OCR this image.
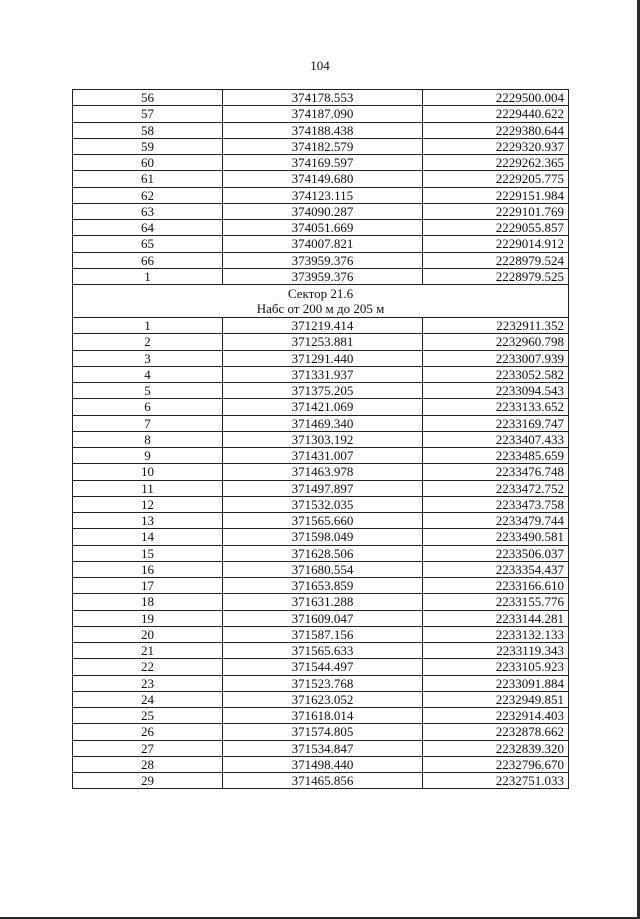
104
56	374178.553	2229500.004
57	374187.090	2229440.622
58	374188.438	2229380.644
59	374182.579	2229320.937
60	374169.597	2229262.365
61	374149.680	2229205.775
62	374123.115	2229151.984
63	374090.287	2229101.769
64	374051.669	2229055.857
65	374007.821	2229014.912
66	373959.376	2228979.524
1	373959.376	2228979.525

Сектор 21.6
Набс от 200 м до 205 м		

1	371219.414	2232911.352
2	371253.881	2232960.798
3	371291.440	2233007.939
4	371331.937	2233052.582
5	371375.205	2233094.543
6	371421.069	2233133.652
7	371469.340	2233169.747
8	371303.192	2233407.433
9	371431.007	2233485.659
10	371463.978	2233476.748
11	371497.897	2233472.752
12	371532.035	2233473.758
13	371565.660	2233479.744
14	371598.049	2233490.581
15	371628.506	2233506.037
16	371680.554	2233354.437
17	371653.859	2233166.610
18	371631.288	2233155.776
19	371609.047	2233144.281
20	371587.156	2233132.133
21	371565.633	2233119.343
22	371544.497	2233105.923
23	371523.768	2233091.884
24	371623.052	2232949.851
25	371618.014	2232914.403
26	371574.805	2232878.662
27	371534.847	2232839.320
28	371498.440	2232796.670
29	371465.856	2232751.033
